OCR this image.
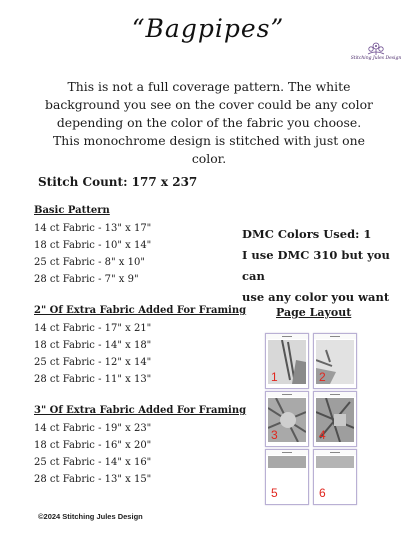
“Bagpipes”
Stitching Jules Design
This is not a full coverage pattern. The white background you see on the cover could be any color depending on the color of the fabric you choose. This monochrome design is stitched with just one color.
Stitch Count: 177 x 237
Basic Pattern
14 ct Fabric - 13" x 17"
18 ct Fabric - 10" x 14"
25 ct Fabric - 8" x 10"
28 ct Fabric - 7" x 9"
2" Of Extra Fabric Added For Framing
14 ct Fabric - 17" x 21"
18 ct Fabric - 14" x 18"
25 ct Fabric - 12" x 14"
28 ct Fabric - 11" x 13"
3" Of Extra Fabric Added For Framing
14 ct Fabric - 19" x 23"
18 ct Fabric - 16" x 20"
25 ct Fabric - 14" x 16"
28 ct Fabric - 13" x 15"
DMC Colors Used: 1
I use DMC 310 but you can
use any color you want
Page Layout
1	2
3	4
5	6
©2024 Stitching Jules Design
